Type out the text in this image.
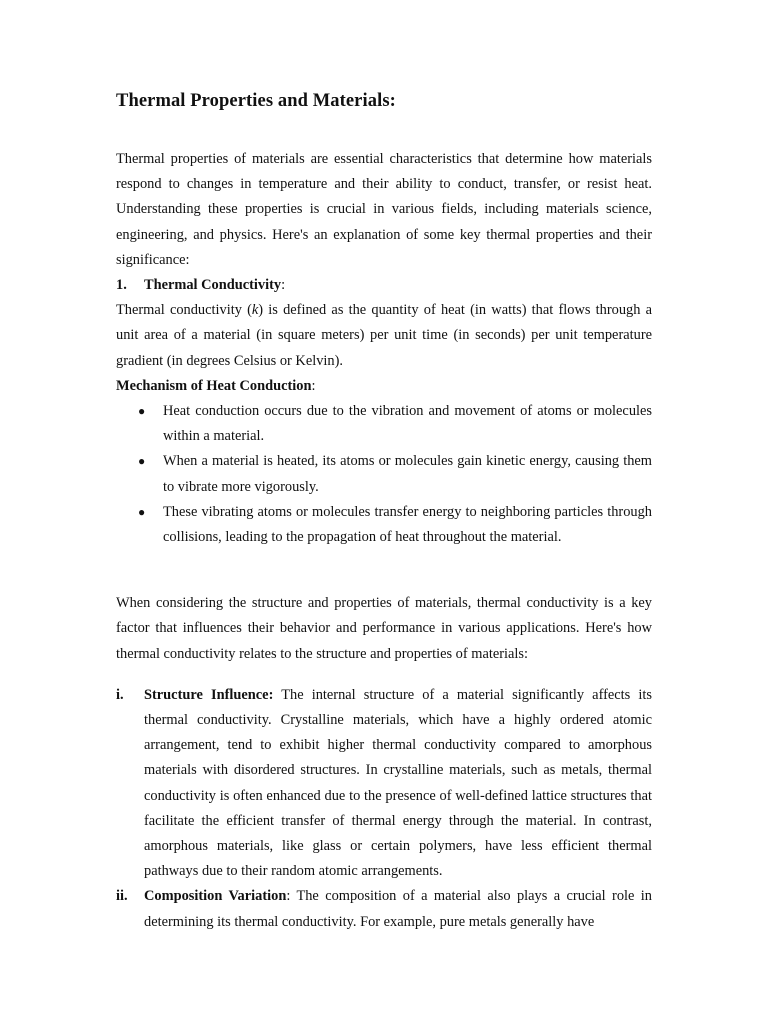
Thermal Properties and Materials:

Thermal properties of materials are essential characteristics that determine how materials respond to changes in temperature and their ability to conduct, transfer, or resist heat. Understanding these properties is crucial in various fields, including materials science, engineering, and physics. Here's an explanation of some key thermal properties and their significance:

1. Thermal Conductivity:

Thermal conductivity (k) is defined as the quantity of heat (in watts) that flows through a unit area of a material (in square meters) per unit time (in seconds) per unit temperature gradient (in degrees Celsius or Kelvin).

Mechanism of Heat Conduction:
● Heat conduction occurs due to the vibration and movement of atoms or molecules within a material.
● When a material is heated, its atoms or molecules gain kinetic energy, causing them to vibrate more vigorously.
● These vibrating atoms or molecules transfer energy to neighboring particles through collisions, leading to the propagation of heat throughout the material.

When considering the structure and properties of materials, thermal conductivity is a key factor that influences their behavior and performance in various applications. Here's how thermal conductivity relates to the structure and properties of materials:

i. Structure Influence: The internal structure of a material significantly affects its thermal conductivity. Crystalline materials, which have a highly ordered atomic arrangement, tend to exhibit higher thermal conductivity compared to amorphous materials with disordered structures. In crystalline materials, such as metals, thermal conductivity is often enhanced due to the presence of well-defined lattice structures that facilitate the efficient transfer of thermal energy through the material. In contrast, amorphous materials, like glass or certain polymers, have less efficient thermal pathways due to their random atomic arrangements.
ii. Composition Variation: The composition of a material also plays a crucial role in determining its thermal conductivity. For example, pure metals generally have
